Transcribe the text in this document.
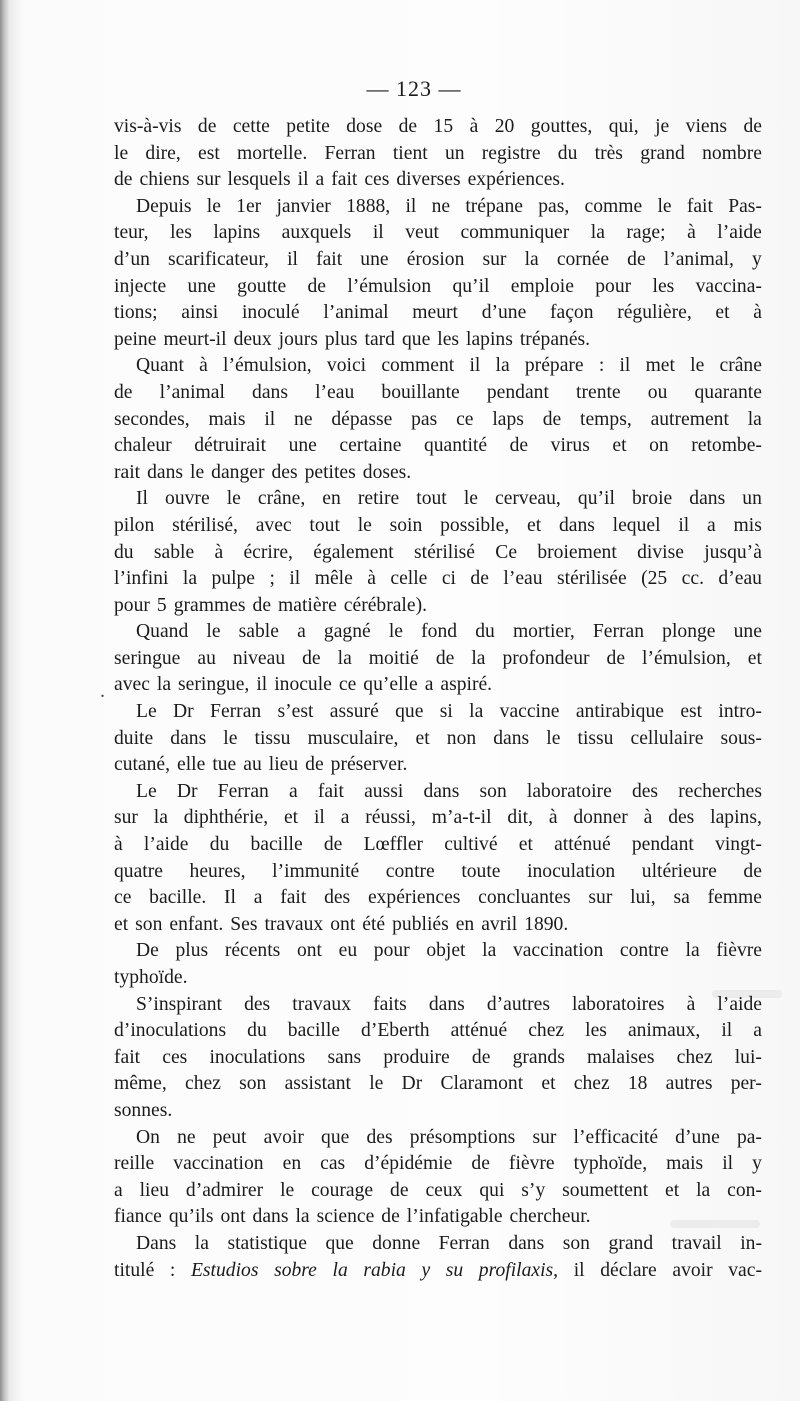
— 123 —
.
vis-à-vis de cette petite dose de 15 à 20 gouttes, qui, je viens de
le dire, est mortelle. Ferran tient un registre du très grand nombre
de chiens sur lesquels il a fait ces diverses expériences.
Depuis le 1er janvier 1888, il ne trépane pas, comme le fait Pas-
teur, les lapins auxquels il veut communiquer la rage; à l’aide
d’un scarificateur, il fait une érosion sur la cornée de l’animal, y
injecte une goutte de l’émulsion qu’il emploie pour les vaccina-
tions; ainsi inoculé l’animal meurt d’une façon régulière, et à
peine meurt-il deux jours plus tard que les lapins trépanés.
Quant à l’émulsion, voici comment il la prépare : il met le crâne
de l’animal dans l’eau bouillante pendant trente ou quarante
secondes, mais il ne dépasse pas ce laps de temps, autrement la
chaleur détruirait une certaine quantité de virus et on retombe-
rait dans le danger des petites doses.
Il ouvre le crâne, en retire tout le cerveau, qu’il broie dans un
pilon stérilisé, avec tout le soin possible, et dans lequel il a mis
du sable à écrire, également stérilisé Ce broiement divise jusqu’à
l’infini la pulpe ; il mêle à celle ci de l’eau stérilisée (25 cc. d’eau
pour 5 grammes de matière cérébrale).
Quand le sable a gagné le fond du mortier, Ferran plonge une
seringue au niveau de la moitié de la profondeur de l’émulsion, et
avec la seringue, il inocule ce qu’elle a aspiré.
Le Dr Ferran s’est assuré que si la vaccine antirabique est intro-
duite dans le tissu musculaire, et non dans le tissu cellulaire sous-
cutané, elle tue au lieu de préserver.
Le Dr Ferran a fait aussi dans son laboratoire des recherches
sur la diphthérie, et il a réussi, m’a-t-il dit, à donner à des lapins,
à l’aide du bacille de Lœffler cultivé et atténué pendant vingt-
quatre heures, l’immunité contre toute inoculation ultérieure de
ce bacille. Il a fait des expériences concluantes sur lui, sa femme
et son enfant. Ses travaux ont été publiés en avril 1890.
De plus récents ont eu pour objet la vaccination contre la fièvre
typhoïde.
S’inspirant des travaux faits dans d’autres laboratoires à l’aide
d’inoculations du bacille d’Eberth atténué chez les animaux, il a
fait ces inoculations sans produire de grands malaises chez lui-
même, chez son assistant le Dr Claramont et chez 18 autres per-
sonnes.
On ne peut avoir que des présomptions sur l’efficacité d’une pa-
reille vaccination en cas d’épidémie de fièvre typhoïde, mais il y
a lieu d’admirer le courage de ceux qui s’y soumettent et la con-
fiance qu’ils ont dans la science de l’infatigable chercheur.
Dans la statistique que donne Ferran dans son grand travail in-
titulé : Estudios sobre la rabia y su profilaxis, il déclare avoir vac-
